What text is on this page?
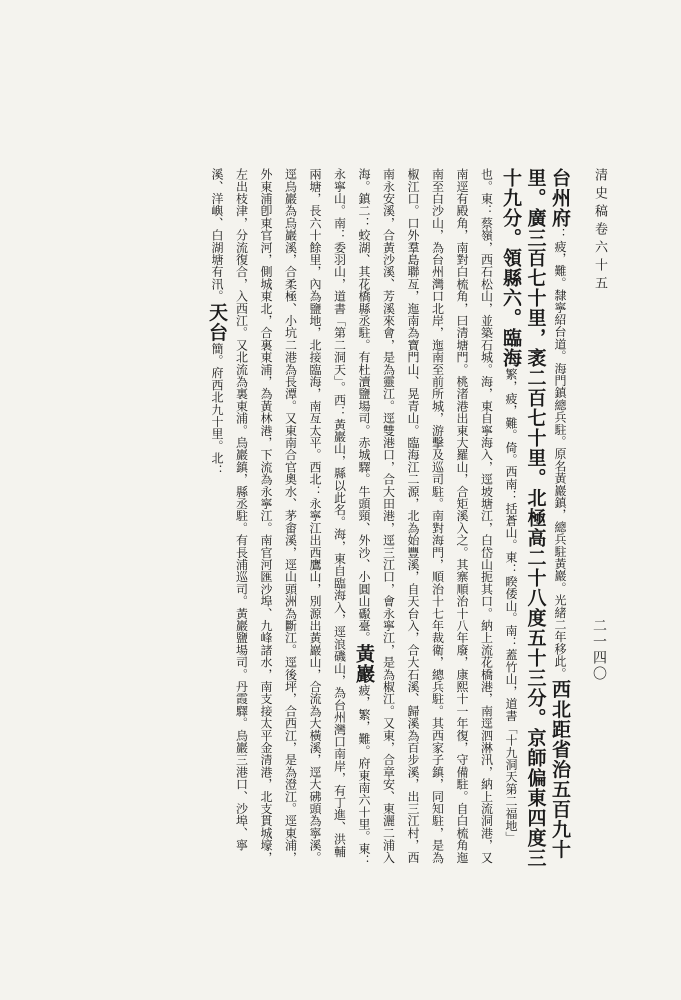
清史稿卷六十五
二一四〇
台州府：疲，難。隸寧紹台道。海門鎮總兵駐。原名黃巖鎮，總兵駐黃巖。光緒二年移此。西北距省治五百九十里。廣三百七十里，袤二百七十里。北極高二十八度五十三分。京師偏東四度三十九分。領縣六。臨海繁，疲，難。倚。西南：括蒼山。東：睽倭山。南：蓋竹山，道書「十九洞天第二福地」也。東：蔡嶺，西石松山，並築石城。海，東自寧海入，逕坡塘江，白岱山扼其口。納上流花橋港，南逕泗淋汛，納上流洞港，又南逕有殿角，南對白梳角，曰清塘門。桃渚港出東大羅山，合矩溪入之。其寨順治十八年廢，康熙十一年復，守備駐。自白梳角迤南至白沙山，為台州灣口北岸，迤南至前所城，游擊及巡司駐。南對海門，順治十七年裁衛，總兵駐。其西家子鎮，同知駐，是為椒江口。口外羣島聯亙，迤南為寶門山、晃青山。臨海江二源，北為始豐溪，自天台入，合大石溪、歸溪為百步溪，出三江村，西南永安溪，合黃沙溪、芳溪來會，是為靈江。逕雙港口，合大田港，逕三江口，會永寧江，是為椒江。又東，合章安、東灑二浦入海。鎮二：蛟湖、其花橋縣丞駐。有杜瀆鹽場司。赤城驛。牛頭頸、外沙、小圓山礟臺。黃巖疲，繁，難。府東南六十里。東：永寧山。南：委羽山，道書「第二洞天」。西：黃巖山，縣以此名。海，東自臨海入，逕浪磯山，為台州灣口南岸，有丁進、洪輔兩塘，長六十餘里，內為鹽地，北接臨海，南亙太平。西北：永寧江出西鷹山，別源出黃巖山，合流為大橫溪，逕大砩頭為寧溪。逕烏巖為烏巖溪，合柔極、小坑二港為長潭。又東南合官奧水、茅畬溪，逕山頭洲為斷江。逕後坪，合西江，是為澄江。逕東浦，外東浦卽東官河，側城東北，合裏東浦，為黃林港，下流為永寧江。南官河匯沙埠、九峰諸水，南支接太平金清港，北支貫城壕，左出枝津，分流復合，入西江。又北流為裏東浦。烏巖鎮，縣丞駐。有長浦巡司。黃巖鹽場司。丹霞驛。烏巖三港口、沙埠、寧溪、洋嶼、白湖塘有汛。天台簡。府西北九十里。北：
